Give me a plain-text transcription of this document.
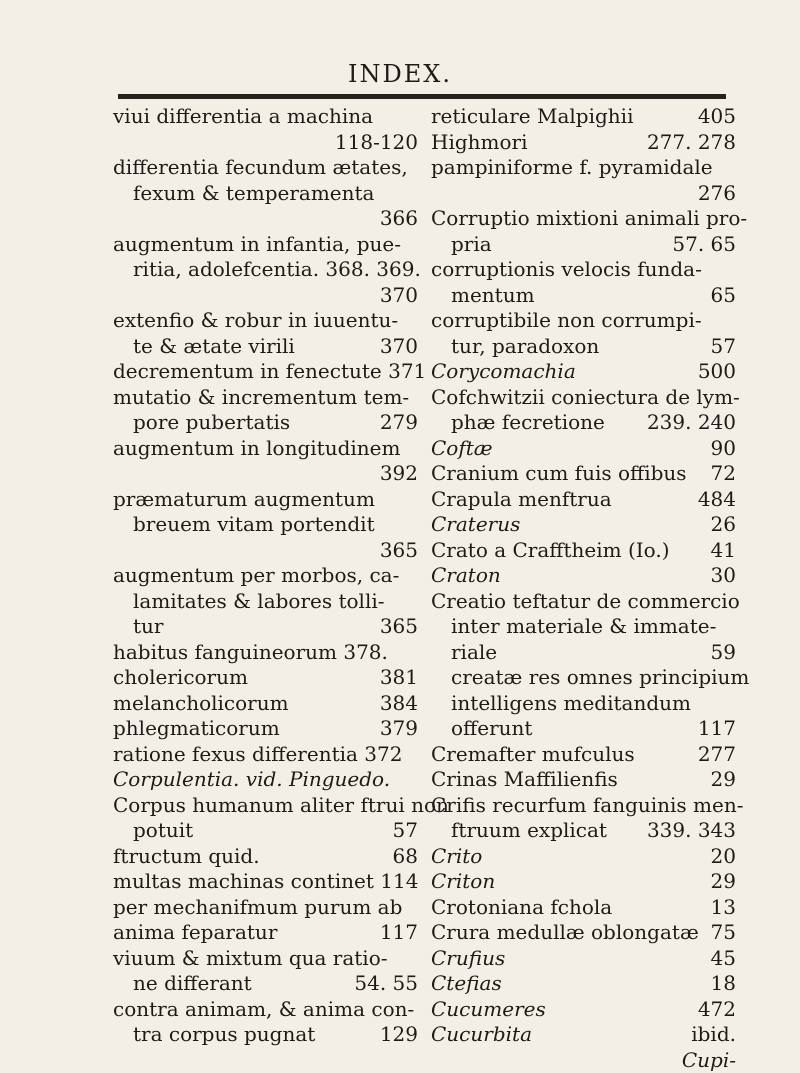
INDEX.
viui differentia a machina
118-120
differentia fecundum ætates,
fexum & temperamenta
366
augmentum in infantia, pue-
ritia, adolefcentia. 368. 369.
370
extenfio & robur in iuuentu-
te & ætate virili	370
decrementum in fenectute 371
mutatio & incrementum tem-
pore pubertatis	279
augmentum in longitudinem
392
præmaturum augmentum
breuem vitam portendit
365
augmentum per morbos, ca-
lamitates & labores tolli-
tur	365
habitus fanguineorum 378.
cholericorum	381
melancholicorum	384
phlegmaticorum	379
ratione fexus differentia 372
Corpulentia. vid. Pinguedo.
Corpus humanum aliter ftrui non
potuit	57
ftructum quid.	68
multas machinas continet 114
per mechanifmum purum ab
anima feparatur	117
viuum & mixtum qua ratio-
ne differant	54. 55
contra animam, & anima con-
tra corpus pugnat	129
reticulare Malpighii	405
Highmori	277. 278
pampiniforme f. pyramidale
276
Corruptio mixtioni animali pro-
pria	57. 65
corruptionis velocis funda-
mentum	65
corruptibile non corrumpi-
tur, paradoxon	57
Corycomachia	500
Cofchwitzii coniectura de lym-
phæ fecretione 239. 240
Coftæ	90
Cranium cum fuis offibus 72
Crapula menftrua	484
Craterus	26
Crato a Crafftheim (Io.) 41
Craton	30
Creatio teftatur de commercio
inter materiale & immate-
riale	59
creatæ res omnes principium
intelligens meditandum
offerunt	117
Cremafter mufculus	277
Crinas Maffilienfis	29
Crifis recurfum fanguinis men-
ftruum explicat 339. 343
Crito	20
Criton	29
Crotoniana fchola	13
Crura medullæ oblongatæ 75
Crufius	45
Ctefias	18
Cucumeres	472
Cucurbita	ibid.
Cupi-
